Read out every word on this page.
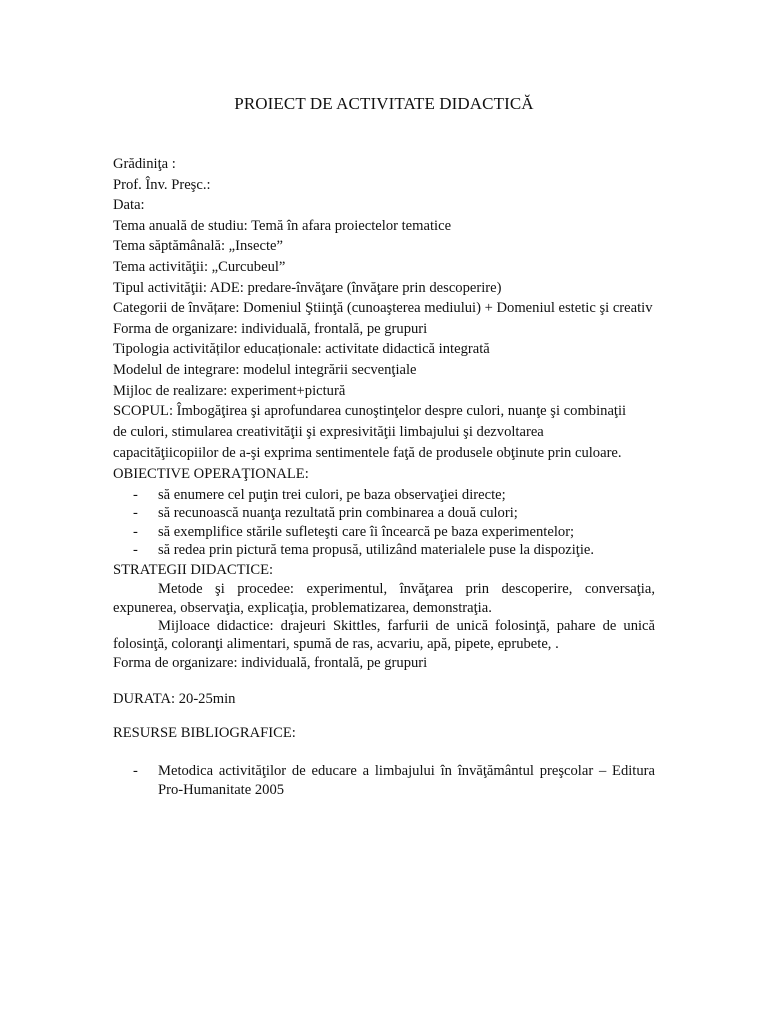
PROIECT DE ACTIVITATE DIDACTICĂ
Grădiniţa :
Prof. Înv. Preşc.:
Data:
Tema anuală de studiu: Temă în afara proiectelor tematice
Tema săptămânală: „Insecte”
Tema activităţii: „Curcubeul”
Tipul activităţii: ADE: predare-învăţare (învăţare prin descoperire)
Categorii de învățare: Domeniul Ştiinţă (cunoaşterea mediului) + Domeniul estetic şi creativ
Forma de organizare: individuală, frontală, pe grupuri
Tipologia activităților educaționale: activitate didactică integrată
Modelul de integrare: modelul integrării secvenţiale
Mijloc de realizare: experiment+pictură
SCOPUL: Îmbogăţirea şi aprofundarea cunoştinţelor despre culori, nuanţe şi combinaţii
de culori, stimularea creativităţii şi expresivităţii limbajului şi dezvoltarea
capacităţiicopiilor de a-şi exprima sentimentele faţă de produsele obţinute prin culoare.
OBIECTIVE OPERAŢIONALE:
- să enumere cel puţin trei culori, pe baza observaţiei directe;
- să recunoască nuanţa rezultată prin combinarea a două culori;
- să exemplifice stările sufleteşti care îi încearcă pe baza experimentelor;
- să redea prin pictură tema propusă, utilizând materialele puse la dispoziţie.
STRATEGII DIDACTICE:
Metode şi procedee: experimentul, învăţarea prin descoperire, conversaţia, expunerea, observaţia, explicaţia, problematizarea, demonstraţia.
Mijloace didactice: drajeuri Skittles, farfurii de unică folosinţă, pahare de unică folosinţă, coloranţi alimentari, spumă de ras, acvariu, apă, pipete, eprubete, .
Forma de organizare: individuală, frontală, pe grupuri
DURATA: 20-25min
RESURSE BIBLIOGRAFICE:
- Metodica activităţilor de educare a limbajului în învăţământul preşcolar – Editura Pro-Humanitate 2005
